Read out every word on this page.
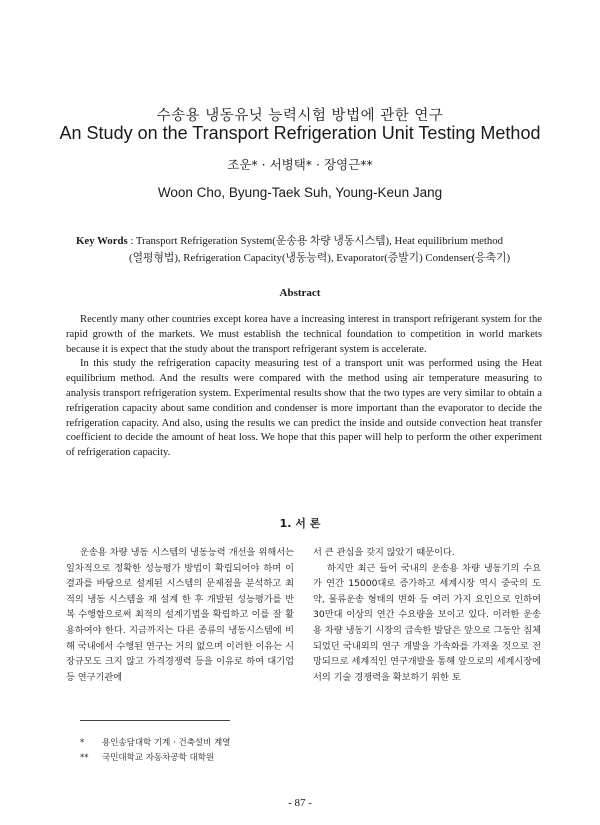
수송용 냉동유닛 능력시험 방법에 관한 연구
An Study on the Transport Refrigeration Unit Testing Method
조운* · 서병택* · 장영근**
Woon Cho, Byung-Taek Suh, Young-Keun Jang
Key Words : Transport Refrigeration System(운송용 차량 냉동시스템), Heat equilibrium method
(열평형법), Refrigeration Capacity(냉동능력), Evaporator(증발기) Condenser(응축기)
Abstract

Recently many other countries except korea have a increasing interest in transport refrigerant system for the rapid growth of the markets. We must establish the technical foundation to competition in world markets because it is expect that the study about the transport refrigerant system is accelerate.

In this study the refrigeration capacity measuring test of a transport unit was performed using the Heat equilibrium method. And the results were compared with the method using air temperature measuring to analysis transport refrigeration system. Experimental results show that the two types are very similar to obtain a refrigeration capacity about same condition and condenser is more important than the evaporator to decide the refrigeration capacity. And also, using the results we can predict the inside and outside convection heat transfer coefficient to decide the amount of heat loss. We hope that this paper will help to perform the other experiment of refrigeration capacity.

1. 서 론

운송용 차량 냉동 시스템의 냉동능력 개선을 위해서는 일차적으로 정확한 성능평가 방법이 확립되어야 하며 이 결과를 바탕으로 설계된 시스템의 문제점을 분석하고 최적의 냉동 시스템을 재 설계 한 후 개발된 성능평가를 반복 수행함으로써 최적의 설계기법을 확립하고 이를 잘 활용하여야 한다. 지금까지는 다른 종류의 냉동시스템에 비해 국내에서 수행된 연구는 거의 없으며 이러한 이유는 시장규모도 크지 않고 가격경쟁력 등을 이유로 하여 대기업 등 연구기관에

서 큰 관심을 갖지 않았기 때문이다.

하지만 최근 들어 국내의 운송용 차량 냉동기의 수요가 연간 15000대로 증가하고 세계시장 역시 중국의 도약, 물류운송 형태의 변화 등 여러 가지 요인으로 인하여 30만대 이상의 연간 수요량을 보이고 있다. 이러한 운송용 차량 냉동기 시장의 급속한 발달은 앞으로 그동안 침체되었던 국내외의 연구 개발을 가속화를 가져올 것으로 전망되므로 세계적인 연구개발을 통해 앞으로의 세계시장에서의 기술 경쟁력을 확보하기 위한 토

* 용인송담대학 기계 · 건축설비 계열
** 국민대학교 자동차공학 대학원
- 87 -
